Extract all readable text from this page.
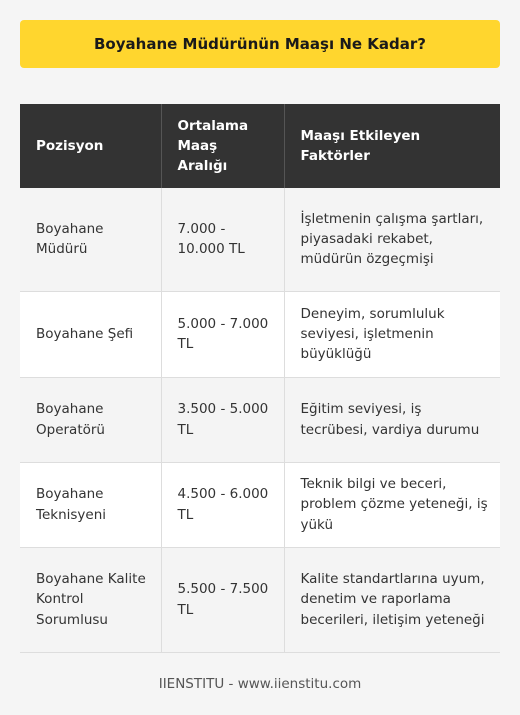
Boyahane Müdürünün Maaşı Ne Kadar?
Pozisyon	Ortalama Maaş Aralığı	Maaşı Etkileyen Faktörler
Boyahane Müdürü	7.000 - 10.000 TL	İşletmenin çalışma şartları, piyasadaki rekabet, müdürün özgeçmişi
Boyahane Şefi	5.000 - 7.000 TL	Deneyim, sorumluluk seviyesi, işletmenin büyüklüğü
Boyahane Operatörü	3.500 - 5.000 TL	Eğitim seviyesi, iş tecrübesi, vardiya durumu
Boyahane Teknisyeni	4.500 - 6.000 TL	Teknik bilgi ve beceri, problem çözme yeteneği, iş yükü
Boyahane Kalite Kontrol Sorumlusu	5.500 - 7.500 TL	Kalite standartlarına uyum, denetim ve raporlama becerileri, iletişim yeteneği
IIENSTITU - www.iienstitu.com
